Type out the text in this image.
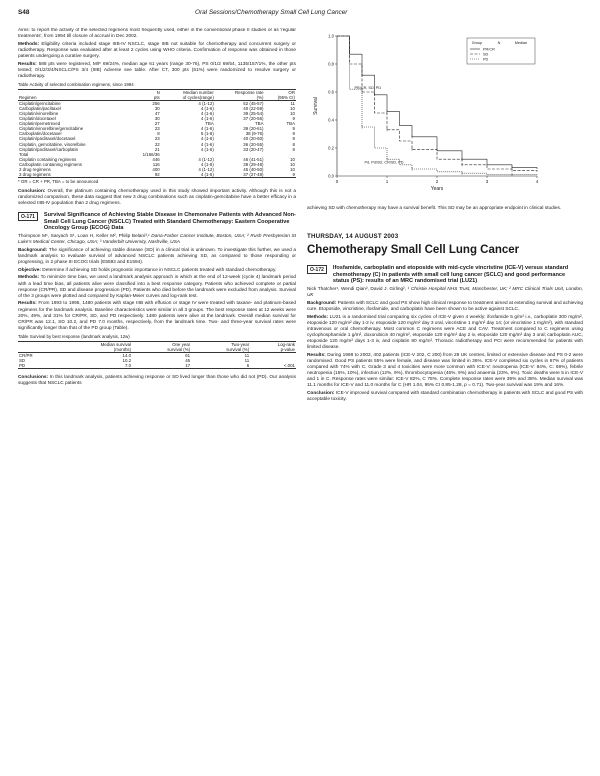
S48	Oral Sessions/Chemotherapy Small Cell Lung Cancer

Aims: to report the activity of the selected regimens most frequently used, either in the conventional phase II studies or as 'regular treatments', from 1994 till closure of accrual in Dec 2002.

Methods: Eligibility criteria included stage IIIB-IV NSCLC, stage IIIB not suitable for chemotherapy and concurrent surgery or radiotherapy. Response was evaluated after at least 2 cycles using WHO criteria. Confirmation of response was obtained in those patients undergoing a curative surgery.

Results: 588 pts were registered, M/F 69/24%, median age 61 years (range 30-76), PS 0/1/2 69/54, 1135/157/1%, the other pts tested; 0/1/2/3/4/NSCLC/PS 3/4 (IIIB) Adverse see table. After CT, 300 pts (51%) were randomized to resolve surgery or radiotherapy.

Table Activity of selected combination regimens, since 1994
Regimen	N
pts	Median number
of cycles(range)	Response rate
(%)	OR
(95% CI)
Cisplatin/gemcitabine	256	4 (1-12)	52 (45-57)	11
Carboplatin/paclitaxel	30	4 (1-6)	40 (22-59)	10
Cisplatin/vinorelbine	47	4 (1-6)	39 (25-54)	10
Cisplatin/docetaxel	30	4 (1-6)	37 (20-56)	9
Cisplatin/pemetrexed	27	TBA	TBA	TBA
Cisplatin/vinorelbine/gemcitabine	23	4 (1-6)	39 (20-61)	9
Carboplatin/docetaxel	8	5 (1-8)	38 (9-76)	9
Cisplatin/paclitaxel/docetaxel	23	4 (1-6)	40 (20-60)	9
Cisplatin, gemcitabine, vinorelbine	22	4 (1-6)	36 (20-55)	8
Cisplatin/paclitaxel/carboplatin	21	4 (1-6)	33 (20-47)	8
Total	1/166/36			
Cisplatin containing regimens	446	4 (1-12)	46 (41-51)	10
Carboplatin containing regimens	116	4 (1-8)	38 (29-48)	10
2 drug regimens	400	4 (1-12)	45 (40-50)	10
3 drug regimens	92	4 (1-6)	37 (27-48)	9
* OR = CR + PR, TBA = to be announced

Conclusion: Overall, the platinum containing chemotherapy used in this study showed important activity. Although this is not a randomized comparison, these data suggest that new 3 drug combinations such as cisplatin-gemcitabine have a better efficacy in a selected IIIB-IV population than 2 drug regimens.

O-171	Survival Significance of Achieving Stable Disease in Chemonaive Patients with Advanced Non-Small Cell Lung Cancer (NSCLC) Treated with Standard Chemotherapy: Eastern Cooperative Oncology Group (ECOG) Data

Thompson M¹, Saryach S¹, Loan H, Keller M², Philip Belani³,¹ Dana-Farber Cancer Institute, Boston, USA; ² Rush Presbyterian St Luke's Medical Center, Chicago, USA; ³ Vanderbilt University, Nashville, USA

Background: The significance of achieving stable disease (SD) in a clinical trial is unknown. To investigate this further, we used a landmark analysis to evaluate survival of advanced NSCLC patients achieving SD, as compared to those responding or progressing, in 2 phase III ECOG trials (E5592 and E1594).

Objective: Determine if achieving SD holds prognostic importance in NSCLC patients treated with standard chemotherapy.

Methods: To minimize time bias, we used a landmark analysis approach in which at the end of 12-week (cycle 4) landmark period with a lead time bias, all patients alive were classified into a best response category. Patients who achieved complete or partial response (CR/PR), SD and disease progression (PD). Patients who died before the landmark were excluded from analysis. Survival of the 3 groups were plotted and compared by Kaplan-Meier curves and log-rank test.

Results: From 1993 to 1995, 1480 patients with stage IIIB with effusion or stage IV were treated with taxane- and platinum-based regimens for the landmark analysis. Baseline characteristics were similar in all 3 groups. The best response rates at 12 weeks were 20%, 49%, and 31% for CR/PR, SD, and PD respectively. 1480 patients were alive at the landmark. Overall median survival for CR/PR was 12.1, SD 10.2, and PD 7.0 months, respectively, from the landmark time. Two- and three-year survival rates were significantly longer than that of the PD group (Table).

Table Survival by best response (landmark analysis, 12w)
	Median survival
(months)	One year
survival (%)	Two-year
survival (%)	Log-rank
p-value
CR/PR	14.0	61	11	
SD	10.2	45	11	
PD	7.0	17	6	<.001

Conclusions: In this landmark analysis, patients achieving response or SD lived longer than those who did not (PD). Our analysis suggests that NSCLC patients

0	1	2	3	4
0.0
0.2
0.4
0.6
0.8
1.0
Years
Survival
Group	N	Median
PR/CR
SD
PD
PR/CR, SD, PD
Pd, Pd/SD, CR/SD, PD

achieving SD with chemotherapy may have a survival benefit. This SD may be an appropriate endpoint in clinical studies.

THURSDAY, 14 AUGUST 2003
Chemotherapy Small Cell Lung Cancer
O-172	Ifosfamide, carboplatin and etoposide with mid-cycle vincristine (ICE-V) versus standard chemotherapy (C) in patients with small cell lung cancer (SCLC) and good performance status (PS): results of an MRC randomised trial (LU21)

Nick Thatcher¹, Wendi Qian², David J. Girling², ¹ Christie Hospital NHS Trust, Manchester, UK; ² MRC Clinical Trials Unit, London, UK

Background: Patients with SCLC and good PS show high clinical response to treatment aimed at extending survival and achieving cure. Etoposide, vincristine, ifosfamide, and carboplatin have been shown to be active against SCLC.

Methods: LU21 is a randomised trial comparing six cycles of ICE-V given 4 weekly: ifosfamide 5 g/m² i.v., carboplatin 300 mg/m², etoposide 120 mg/m² day 1-2 iv, etoposide 120 mg/m² day 3 oral, vincristine 1 mg/m² day 14; (or vincristine 1 mg/m²), with standard intravenous or oral chemotherapy. Most common C regimens were ACE and CAV. Treatment compared to C regimens using cyclophosphamide 1 g/m², doxorubicin 40 mg/m², etoposide 120 mg/m² day 2 iv, etoposide 120 mg/m² day 3 oral; carboplatin AUC, etoposide 120 mg/m² days 1-3 iv, and cisplatin 80 mg/m². Thoracic radiotherapy and PCI were recommended for patients with limited disease.

Results: During 1998 to 2002, 402 patients (ICE-V 202, C 200) from 29 UK centres, limited or extensive disease and PS 0-2 were randomised. Good PS patients 55% were female, and disease was limited in 36%. ICE-V completed six cycles in 67% of patients compared with 74% with C. Grade 3 and 4 toxicities were more common with ICE-V: neutropenia (ICE-V: 84%, C: 69%), febrile neutropenia (15%, 10%), infection (12%, 9%), thrombocytopenia (46%, 9%) and anaemia (23%, 6%). Toxic deaths were 5 in ICE-V and 1 in C. Response rates were similar: ICE-V 82%, C 78%. Complete response rates were 39% and 38%. Median survival was 11.1 months for ICE-V and 11.0 months for C (HR 1.04, 95% CI 0.85-1.28, p = 0.71). Two-year survival was 19% and 16%.

Conclusion: ICE-V improved survival compared with standard combination chemotherapy in patients with SCLC and good PS with acceptable toxicity.
